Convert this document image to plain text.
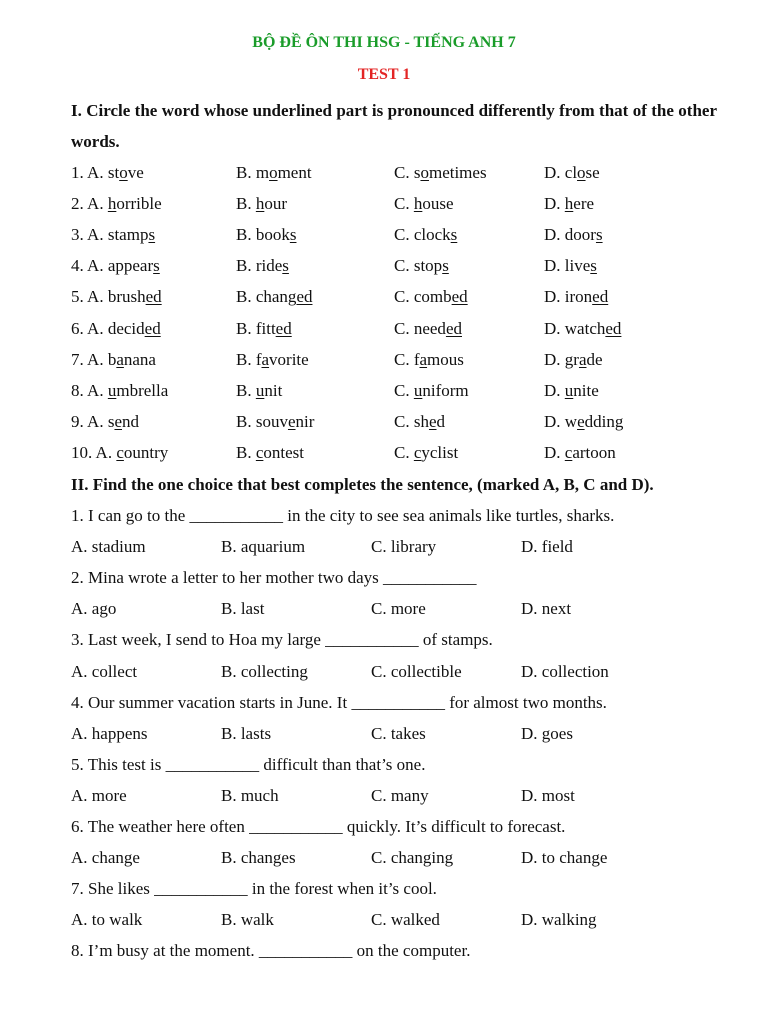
BỘ ĐỀ ÔN THI HSG - TIẾNG ANH 7
TEST 1
I. Circle the word whose underlined part is pronounced differently from that of the other words.
1. A. stove	B. moment	C. sometimes	D. close
2. A. horrible	B. hour	C. house	D. here
3. A. stamps	B. books	C. clocks	D. doors
4. A. appears	B. rides	C. stops	D. lives
5. A. brushed	B. changed	C. combed	D. ironed
6. A. decided	B. fitted	C. needed	D. watched
7. A. banana	B. favorite	C. famous	D. grade
8. A. umbrella	B. unit	C. uniform	D. unite
9. A. send	B. souvenir	C. shed	D. wedding
10. A. country	B. contest	C. cyclist	D. cartoon
II. Find the one choice that best completes the sentence, (marked A, B, C and D).
1. I can go to the ___________ in the city to see sea animals like turtles, sharks.
A. stadium	B. aquarium	C. library	D. field
2. Mina wrote a letter to her mother two days ___________
A. ago	B. last	C. more	D. next
3. Last week, I send to Hoa my large ___________ of stamps.
A. collect	B. collecting	C. collectible	D. collection
4. Our summer vacation starts in June. It ___________ for almost two months.
A. happens	B. lasts	C. takes	D. goes
5. This test is ___________ difficult than that’s one.
A. more	B. much	C. many	D. most
6. The weather here often ___________ quickly. It’s difficult to forecast.
A. change	B. changes	C. changing	D. to change
7. She likes ___________ in the forest when it’s cool.
A. to walk	B. walk	C. walked	D. walking
8. I’m busy at the moment. ___________ on the computer.
